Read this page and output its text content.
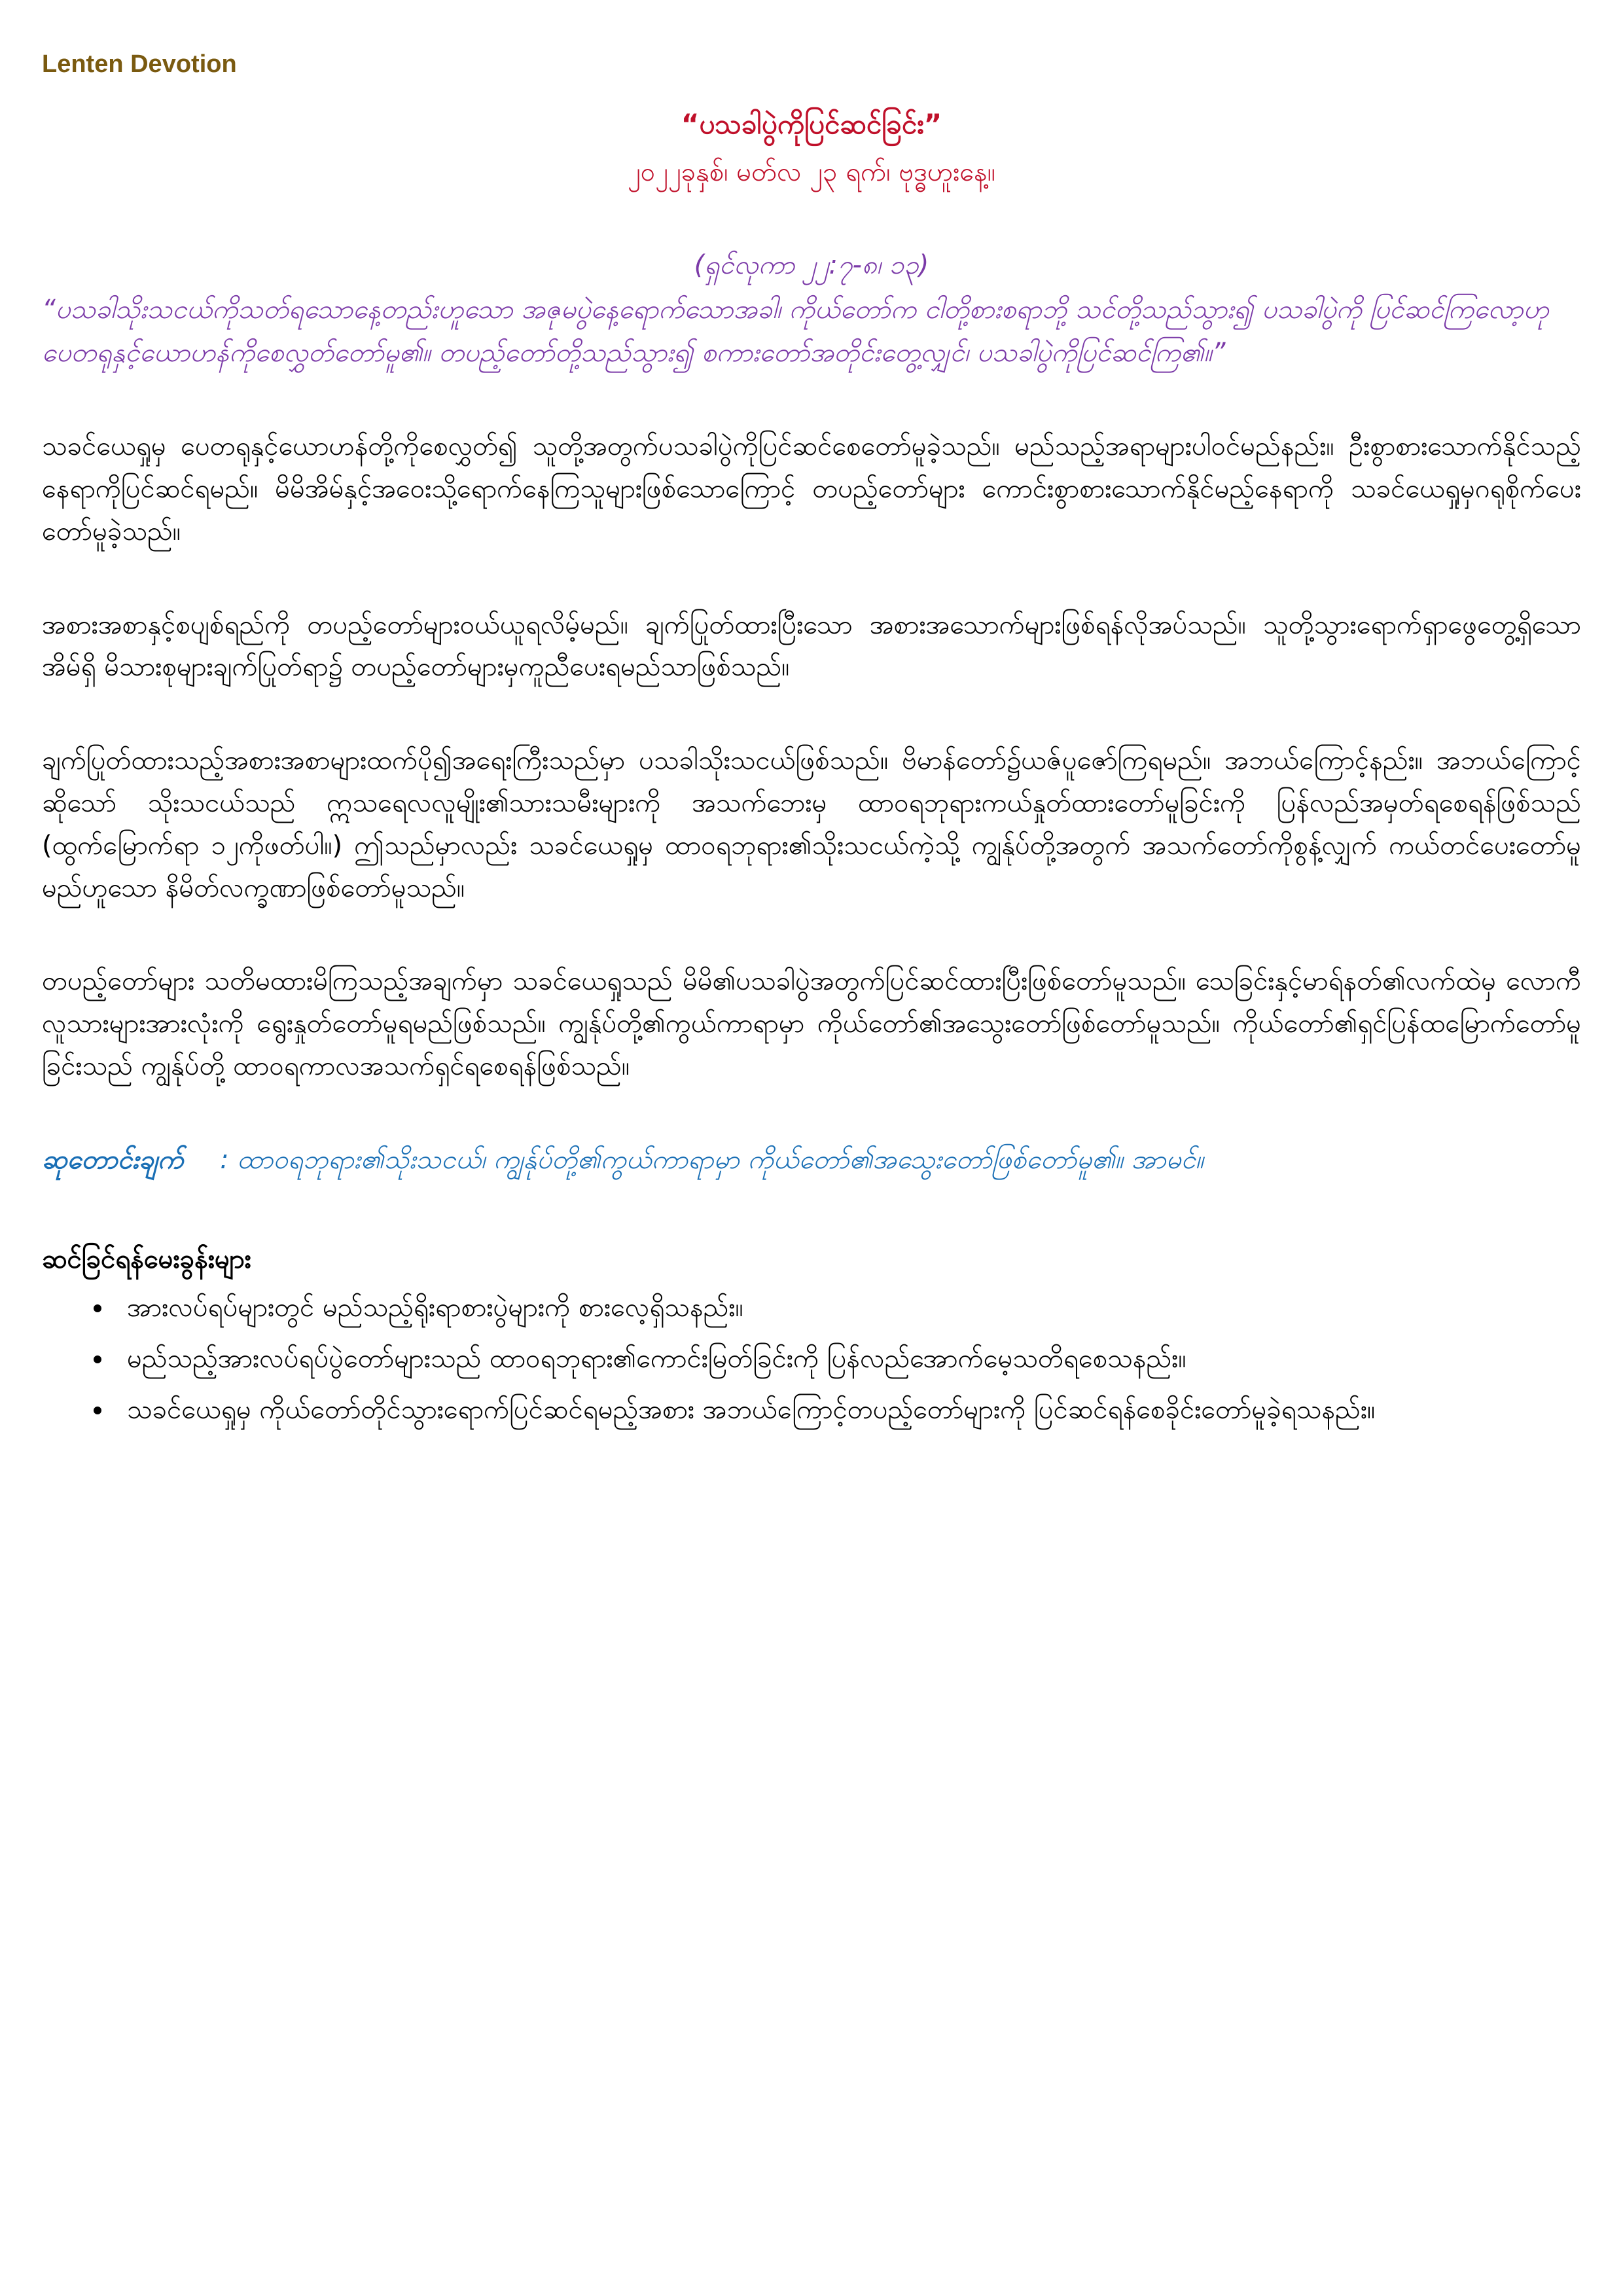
Lenten Devotion
“ပသခါပွဲကိုပြင်ဆင်ခြင်း”
၂၀၂၂ခုနှစ်၊ မတ်လ ၂၃ ရက်၊ ဗုဒ္ဓဟူးနေ့။
(ရှင်လုကာ ၂၂:၇-၈၊ ၁၃)
“ပသခါသိုးသငယ်ကိုသတ်ရသောနေ့တည်းဟူသော အဇုမပွဲနေ့ရောက်သောအခါ၊ ကိုယ်တော်က ငါတို့စားစရာဘို့ သင်တို့သည်သွား၍ ပသခါပွဲကို ပြင်ဆင်ကြလော့ဟု ပေတရုနှင့်ယောဟန်ကိုစေလွှတ်တော်မူ၏။ တပည့်တော်တို့သည်သွား၍ စကားတော်အတိုင်းတွေ့လျှင်၊ ပသခါပွဲကိုပြင်ဆင်ကြ၏။”
သခင်ယေရှုမှ ပေတရုနှင့်ယောဟန်တို့ကိုစေလွှတ်၍ သူတို့အတွက်ပသခါပွဲကိုပြင်ဆင်စေတော်မူခဲ့သည်။ မည်သည့်အရာများပါဝင်မည်နည်း။ ဦးစွာစားသောက်နိုင်သည့်နေရာကိုပြင်ဆင်ရမည်။ မိမိအိမ်နှင့်အဝေးသို့ရောက်နေကြသူများဖြစ်သောကြောင့် တပည့်တော်များ ကောင်းစွာစားသောက်နိုင်မည့်နေရာကို သခင်ယေရှုမှဂရုစိုက်ပေးတော်မူခဲ့သည်။
အစားအစာနှင့်စပျစ်ရည်ကို တပည့်တော်များဝယ်ယူရလိမ့်မည်။ ချက်ပြုတ်ထားပြီးသော အစားအသောက်များဖြစ်ရန်လိုအပ်သည်။ သူတို့သွားရောက်ရှာဖွေတွေ့ရှိသောအိမ်ရှိ မိသားစုများချက်ပြုတ်ရာ၌ တပည့်တော်များမှကူညီပေးရမည်သာဖြစ်သည်။
ချက်ပြုတ်ထားသည့်အစားအစာများထက်ပို၍အရေးကြီးသည်မှာ ပသခါသိုးသငယ်ဖြစ်သည်။ ဗိမာန်တော်၌ယဇ်ပူဇော်ကြရမည်။ အဘယ်ကြောင့်နည်း။ အဘယ်ကြောင့်ဆိုသော် သိုးသငယ်သည် ဣသရေလလူမျိုး၏သားသမီးများကို အသက်ဘေးမှ ထာဝရဘုရားကယ်နှုတ်ထားတော်မူခြင်းကို ပြန်လည်အမှတ်ရစေရန်ဖြစ်သည် (ထွက်မြောက်ရာ ၁၂ကိုဖတ်ပါ။) ဤသည်မှာလည်း သခင်ယေရှုမှ ထာဝရဘုရား၏သိုးသငယ်ကဲ့သို့ ကျွန်ုပ်တို့အတွက် အသက်တော်ကိုစွန့်လျှက် ကယ်တင်ပေးတော်မူမည်ဟူသော နိမိတ်လက္ခဏာဖြစ်တော်မူသည်။
တပည့်တော်များ သတိမထားမိကြသည့်အချက်မှာ သခင်ယေရှုသည် မိမိ၏ပသခါပွဲအတွက်ပြင်ဆင်ထားပြီးဖြစ်တော်မူသည်။ သေခြင်းနှင့်မာရ်နတ်၏လက်ထဲမှ လောကီလူသားများအားလုံးကို ရွေးနှုတ်တော်မူရမည်ဖြစ်သည်။ ကျွန်ုပ်တို့၏ကွယ်ကာရာမှာ ကိုယ်တော်၏အသွေးတော်ဖြစ်တော်မူသည်။ ကိုယ်တော်၏ရှင်ပြန်ထမြောက်တော်မူခြင်းသည် ကျွန်ုပ်တို့ ထာဝရကာလအသက်ရှင်ရစေရန်ဖြစ်သည်။
ဆုတောင်းချက် : ထာဝရဘုရား၏သိုးသငယ်၊ ကျွန်ုပ်တို့၏ကွယ်ကာရာမှာ ကိုယ်တော်၏အသွေးတော်ဖြစ်တော်မူ၏။ အာမင်။
ဆင်ခြင်ရန်မေးခွန်းများ
• အားလပ်ရပ်များတွင် မည်သည့်ရိုးရာစားပွဲများကို စားလေ့ရှိသနည်း။
• မည်သည့်အားလပ်ရပ်ပွဲတော်များသည် ထာဝရဘုရား၏ကောင်းမြတ်ခြင်းကို ပြန်လည်အောက်မေ့သတိရစေသနည်း။
• သခင်ယေရှုမှ ကိုယ်တော်တိုင်သွားရောက်ပြင်ဆင်ရမည့်အစား အဘယ်ကြောင့်တပည့်တော်များကို ပြင်ဆင်ရန်စေခိုင်းတော်မူခဲ့ရသနည်း။
